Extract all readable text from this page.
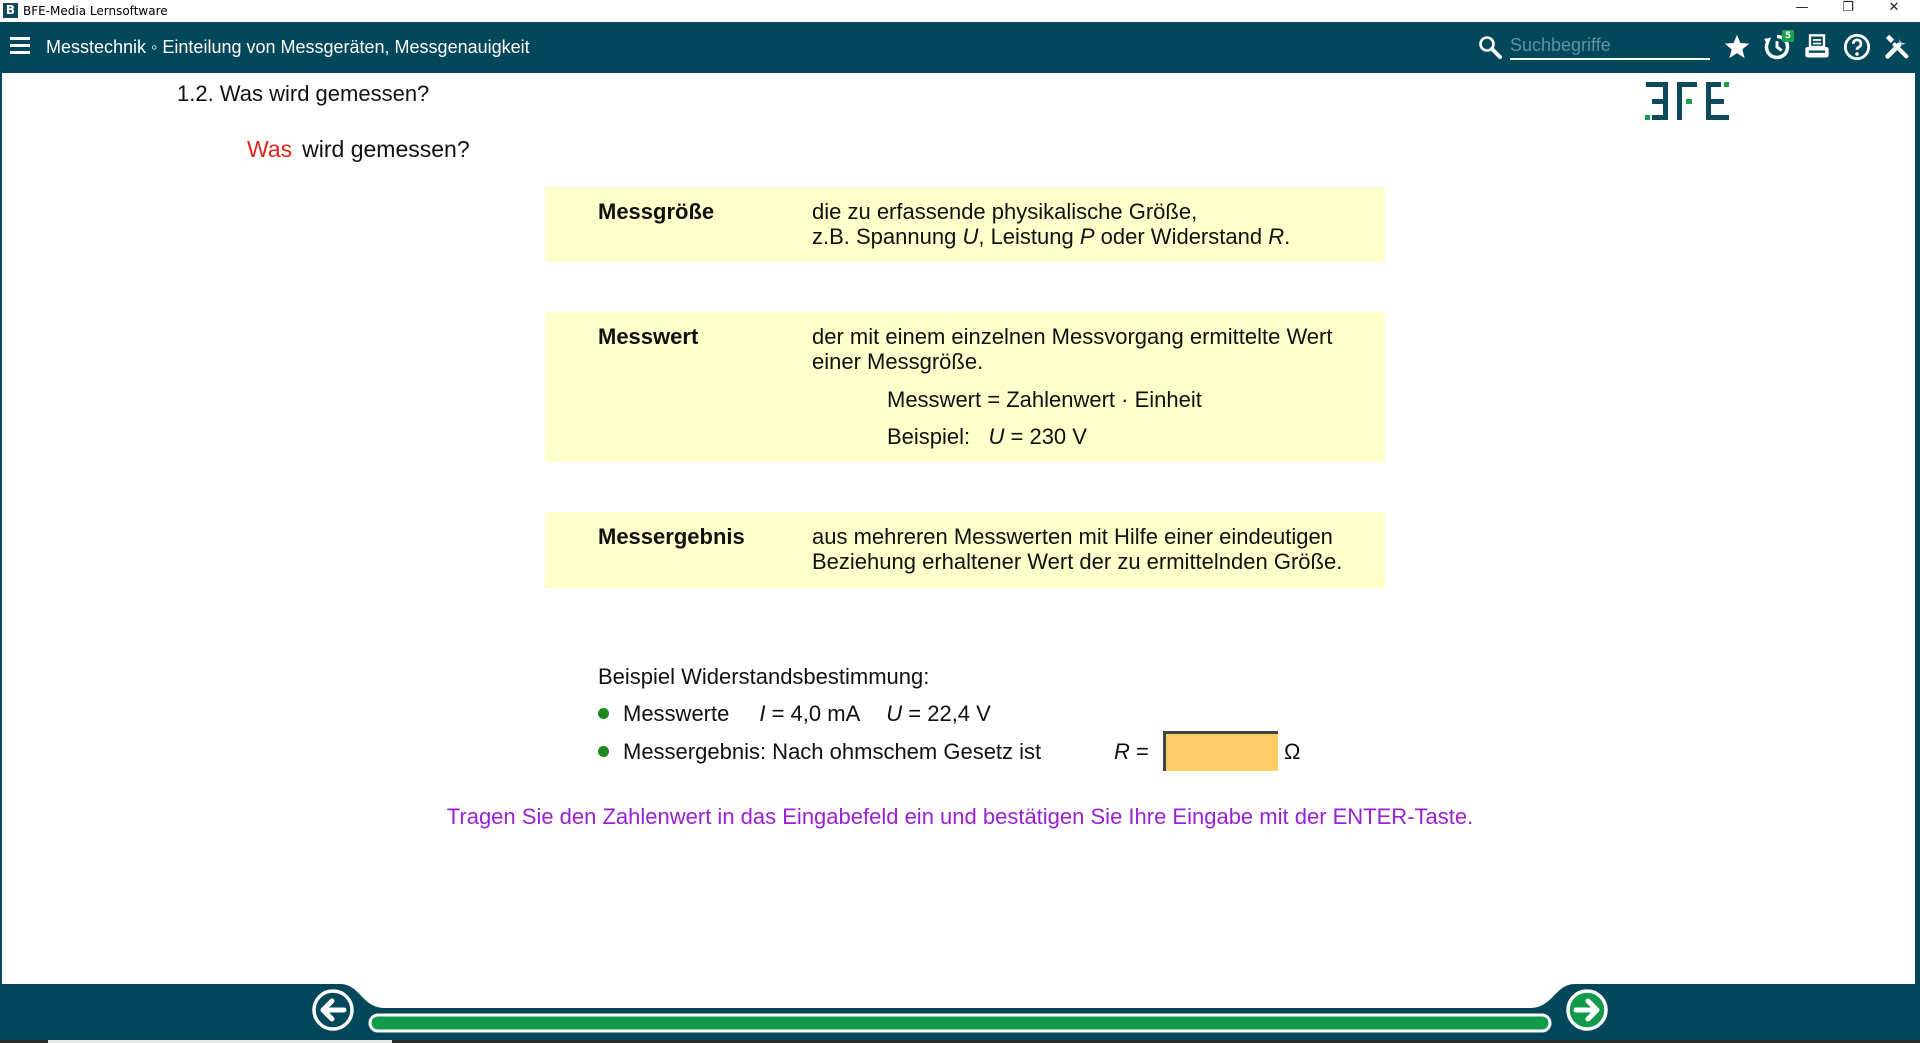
B BFE-Media Lernsoftware	—	❐	✕
Messtechnik ◦ Einteilung von Messgeräten, Messgenauigkeit
Suchbegriffe
5
1.2. Was wird gemessen?
Was wird gemessen?
Messgröße	die zu erfassende physikalische Größe,
z.B. Spannung U, Leistung P oder Widerstand R.
Messwert	der mit einem einzelnen Messvorgang ermittelte Wert
einer Messgröße.
Messwert = Zahlenwert · Einheit
Beispiel: U = 230 V
Messergebnis	aus mehreren Messwerten mit Hilfe einer eindeutigen
Beziehung erhaltener Wert der zu ermittelnden Größe.
Beispiel Widerstandsbestimmung:
Messwerte I = 4,0 mA U = 22,4 V
Messergebnis: Nach ohmschem Gesetz ist	R =	Ω
Tragen Sie den Zahlenwert in das Eingabefeld ein und bestätigen Sie Ihre Eingabe mit der ENTER-Taste.
